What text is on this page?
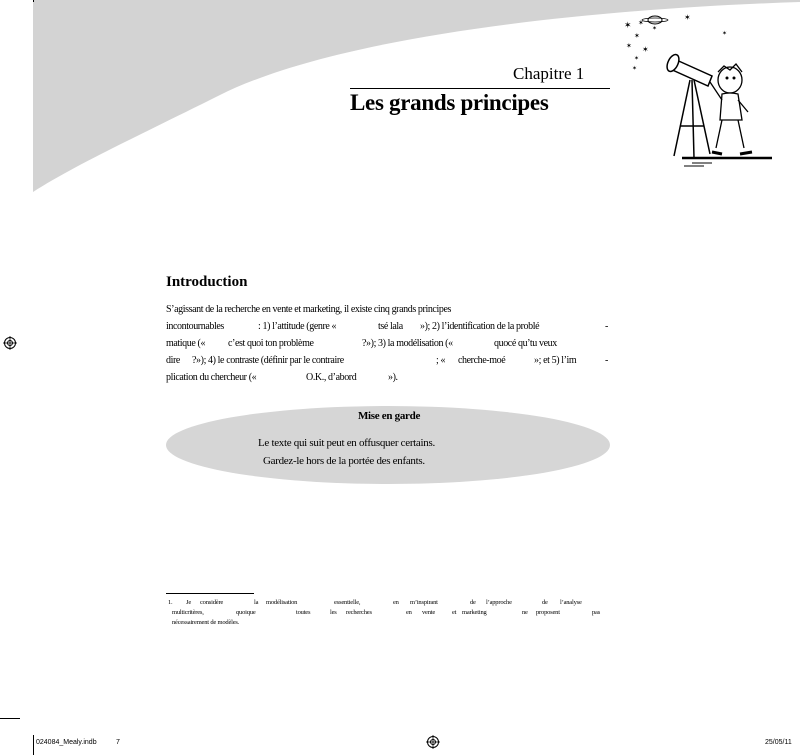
✶
✶
✶
✶
✶
✶
✶
✶
✶
✶
Chapitre 1
Les grands principes
Introduction
S’agissant de la recherche en vente et marketing, il existe cinq grands principes
incontournables	: 1) l’attitude (genre «	tsé lala »); 2) l’identification de la problé	-
matique (« c’est quoi ton problème	?»); 3) la modélisation («	quocé qu’tu veux
dire ?»); 4) le contraste (définir par le contraire	; « cherche-moé	»; et 5) l’im	-
plication du chercheur («	O.K., d’abord	»).
Mise en garde
Le texte qui suit peut en offusquer certains.
Gardez-le hors de la portée des enfants.
1. Je considère	la modélisation	essentielle,	en m’inspirant	de l’approche	de l’analyse
multicritères,	quoique	toutes	les recherches	en vente	et marketing	ne proposent	pas
nécessairement de modèles.
024084_Mealy.indb	7	25/05/11
